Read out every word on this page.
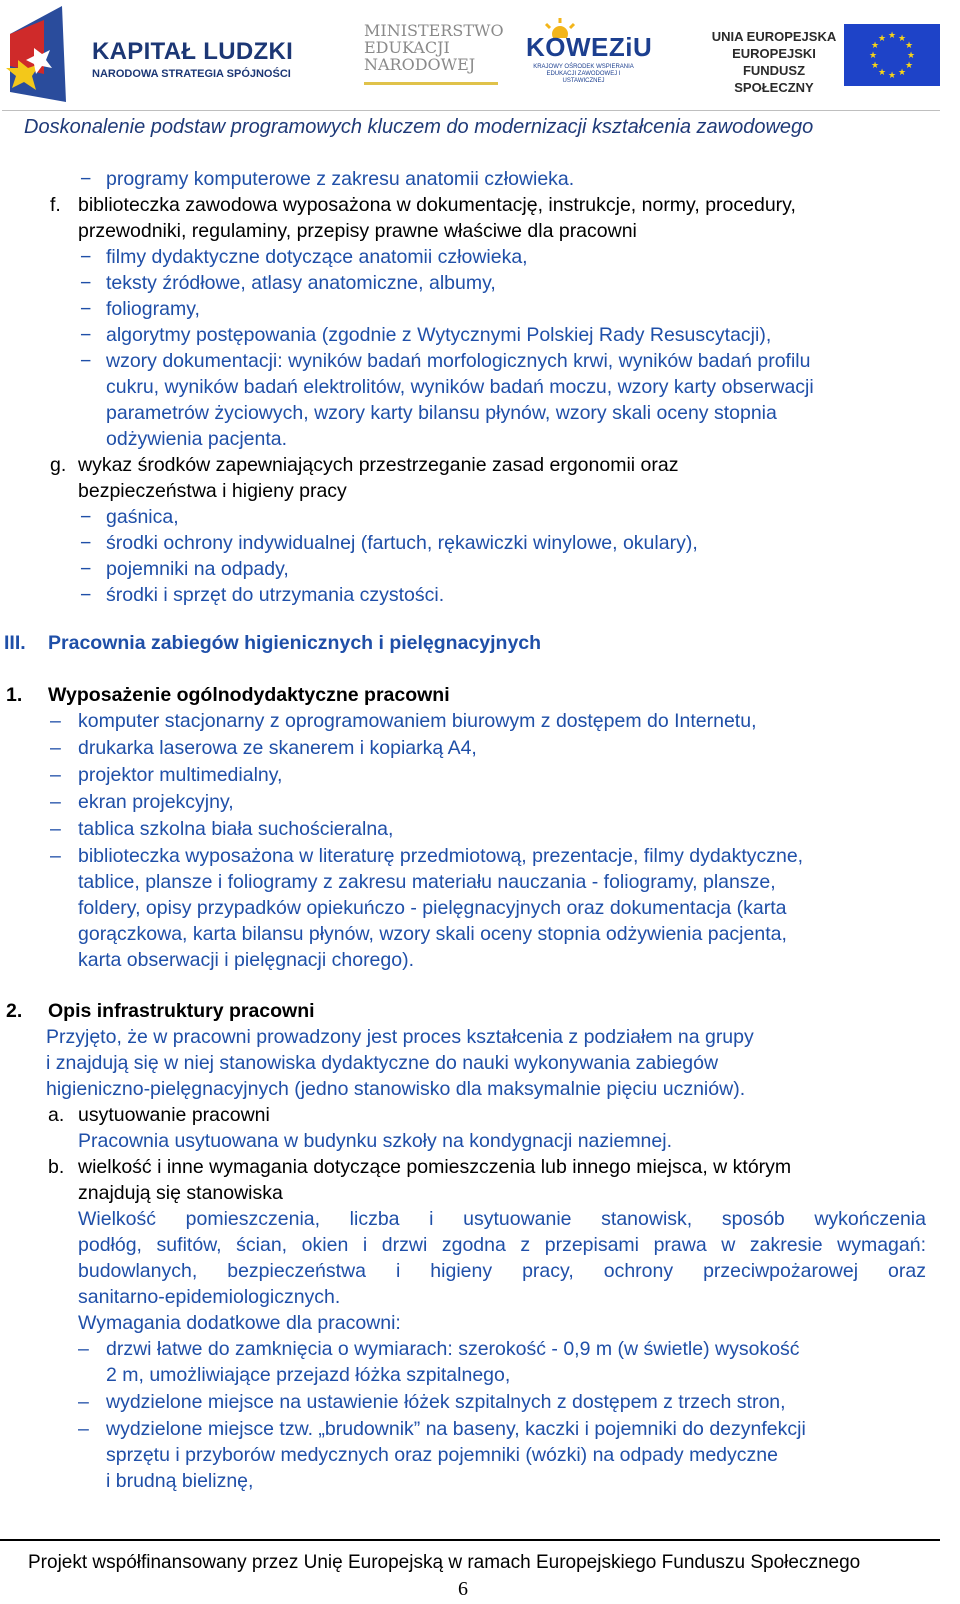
KAPITAŁ LUDZKI
NARODOWA STRATEGIA SPÓJNOŚCI
MINISTERSTWO
EDUKACJI
NARODOWEJ
KOWEZiU
KRAJOWY OŚRODEK WSPIERANIA EDUKACJI ZAWODOWEJ I USTAWICZNEJ
UNIA EUROPEJSKA
EUROPEJSKI
FUNDUSZ SPOŁECZNY
★ ★
★
★
★
★
★
★
★
★
★
★
Doskonalenie podstaw programowych kluczem do modernizacji kształcenia zawodowego
− programy komputerowe z zakresu anatomii człowieka.
f. biblioteczka zawodowa wyposażona w dokumentację, instrukcje, normy, procedury,
przewodniki, regulaminy, przepisy prawne właściwe dla pracowni
− filmy dydaktyczne dotyczące anatomii człowieka,
− teksty źródłowe, atlasy anatomiczne, albumy,
− foliogramy,
− algorytmy postępowania (zgodnie z Wytycznymi Polskiej Rady Resuscytacji),
− wzory dokumentacji: wyników badań morfologicznych krwi, wyników badań profilu
cukru, wyników badań elektrolitów, wyników badań moczu, wzory karty obserwacji
parametrów życiowych, wzory karty bilansu płynów, wzory skali oceny stopnia
odżywienia pacjenta.
g. wykaz środków zapewniających przestrzeganie zasad ergonomii oraz
bezpieczeństwa i higieny pracy
− gaśnica,
− środki ochrony indywidualnej (fartuch, rękawiczki winylowe, okulary),
− pojemniki na odpady,
− środki i sprzęt do utrzymania czystości.
III. Pracownia zabiegów higienicznych i pielęgnacyjnych
1. Wyposażenie ogólnodydaktyczne pracowni
– komputer stacjonarny z oprogramowaniem biurowym z dostępem do Internetu,
– drukarka laserowa ze skanerem i kopiarką A4,
– projektor multimedialny,
– ekran projekcyjny,
– tablica szkolna biała suchościeralna,
– biblioteczka wyposażona w literaturę przedmiotową, prezentacje, filmy dydaktyczne,
tablice, plansze i foliogramy z zakresu materiału nauczania - foliogramy, plansze,
foldery, opisy przypadków opiekuńczo - pielęgnacyjnych oraz dokumentacja (karta
gorączkowa, karta bilansu płynów, wzory skali oceny stopnia odżywienia pacjenta,
karta obserwacji i pielęgnacji chorego).
2. Opis infrastruktury pracowni
Przyjęto, że w pracowni prowadzony jest proces kształcenia z podziałem na grupy
i znajdują się w niej stanowiska dydaktyczne do nauki wykonywania zabiegów
higieniczno-pielęgnacyjnych (jedno stanowisko dla maksymalnie pięciu uczniów).
a. usytuowanie pracowni
Pracownia usytuowana w budynku szkoły na kondygnacji naziemnej.
b. wielkość i inne wymagania dotyczące pomieszczenia lub innego miejsca, w którym
znajdują się stanowiska
Wielkość pomieszczenia, liczba i usytuowanie stanowisk, sposób wykończenia
podłóg, sufitów, ścian, okien i drzwi zgodna z przepisami prawa w zakresie wymagań:
budowlanych, bezpieczeństwa i higieny pracy, ochrony przeciwpożarowej oraz
sanitarno-epidemiologicznych.
Wymagania dodatkowe dla pracowni:
– drzwi łatwe do zamknięcia o wymiarach: szerokość - 0,9 m (w świetle) wysokość
2 m, umożliwiające przejazd łóżka szpitalnego,
– wydzielone miejsce na ustawienie łóżek szpitalnych z dostępem z trzech stron,
– wydzielone miejsce tzw. „brudownik” na baseny, kaczki i pojemniki do dezynfekcji
sprzętu i przyborów medycznych oraz pojemniki (wózki) na odpady medyczne
i brudną bieliznę,
Projekt współfinansowany przez Unię Europejską w ramach Europejskiego Funduszu Społecznego
6
